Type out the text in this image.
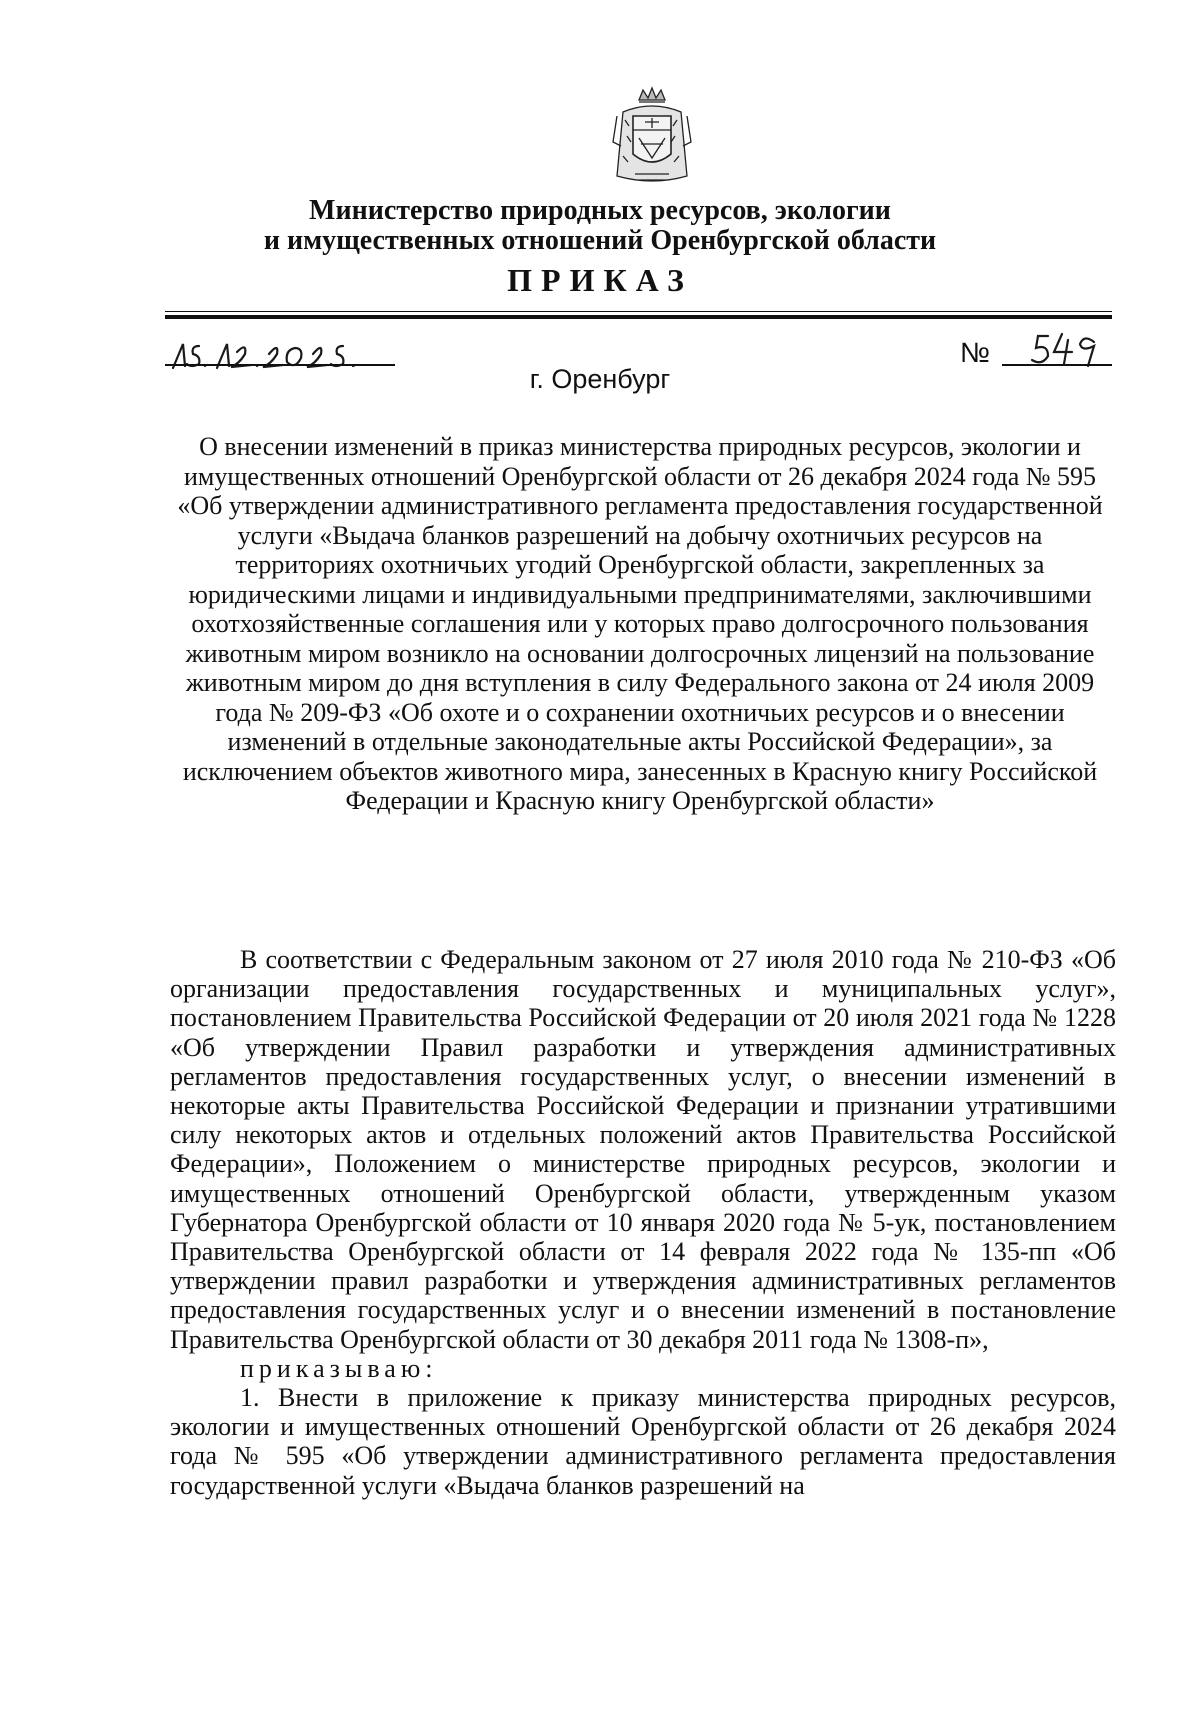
Министерство природных ресурсов, экологии
и имущественных отношений Оренбургской области
ПРИКАЗ
№
г. Оренбург
О внесении изменений в приказ министерства природных ресурсов, экологии и имущественных отношений Оренбургской области от 26 декабря 2024 года № 595 «Об утверждении административного регламента предоставления государственной услуги «Выдача бланков разрешений на добычу охотничьих ресурсов на территориях охотничьих угодий Оренбургской области, закрепленных за юридическими лицами и индивидуальными предпринимателями, заключившими охотхозяйственные соглашения или у которых право долгосрочного пользования животным миром возникло на основании долгосрочных лицензий на пользование животным миром до дня вступления в силу Федерального закона от 24 июля 2009 года № 209-ФЗ «Об охоте и о сохранении охотничьих ресурсов и о внесении изменений в отдельные законодательные акты Российской Федерации», за исключением объектов животного мира, занесенных в Красную книгу Российской Федерации и Красную книгу Оренбургской области»

В соответствии с Федеральным законом от 27 июля 2010 года № 210-ФЗ «Об организации предоставления государственных и муниципальных услуг», постановлением Правительства Российской Федерации от 20 июля 2021 года № 1228 «Об утверждении Правил разработки и утверждения административных регламентов предоставления государственных услуг, о внесении изменений в некоторые акты Правительства Российской Федерации и признании утратившими силу некоторых актов и отдельных положений актов Правительства Российской Федерации», Положением о министерстве природных ресурсов, экологии и имущественных отношений Оренбургской области, утвержденным указом Губернатора Оренбургской области от 10 января 2020 года № 5-ук, постановлением Правительства Оренбургской области от 14 февраля 2022 года № 135-пп «Об утверждении правил разработки и утверждения административных регламентов предоставления государственных услуг и о внесении изменений в постановление Правительства Оренбургской области от 30 декабря 2011 года № 1308-п»,

приказываю:

1. Внести в приложение к приказу министерства природных ресурсов, экологии и имущественных отношений Оренбургской области от 26 декабря 2024 года № 595 «Об утверждении административного регламента предоставления государственной услуги «Выдача бланков разрешений на
